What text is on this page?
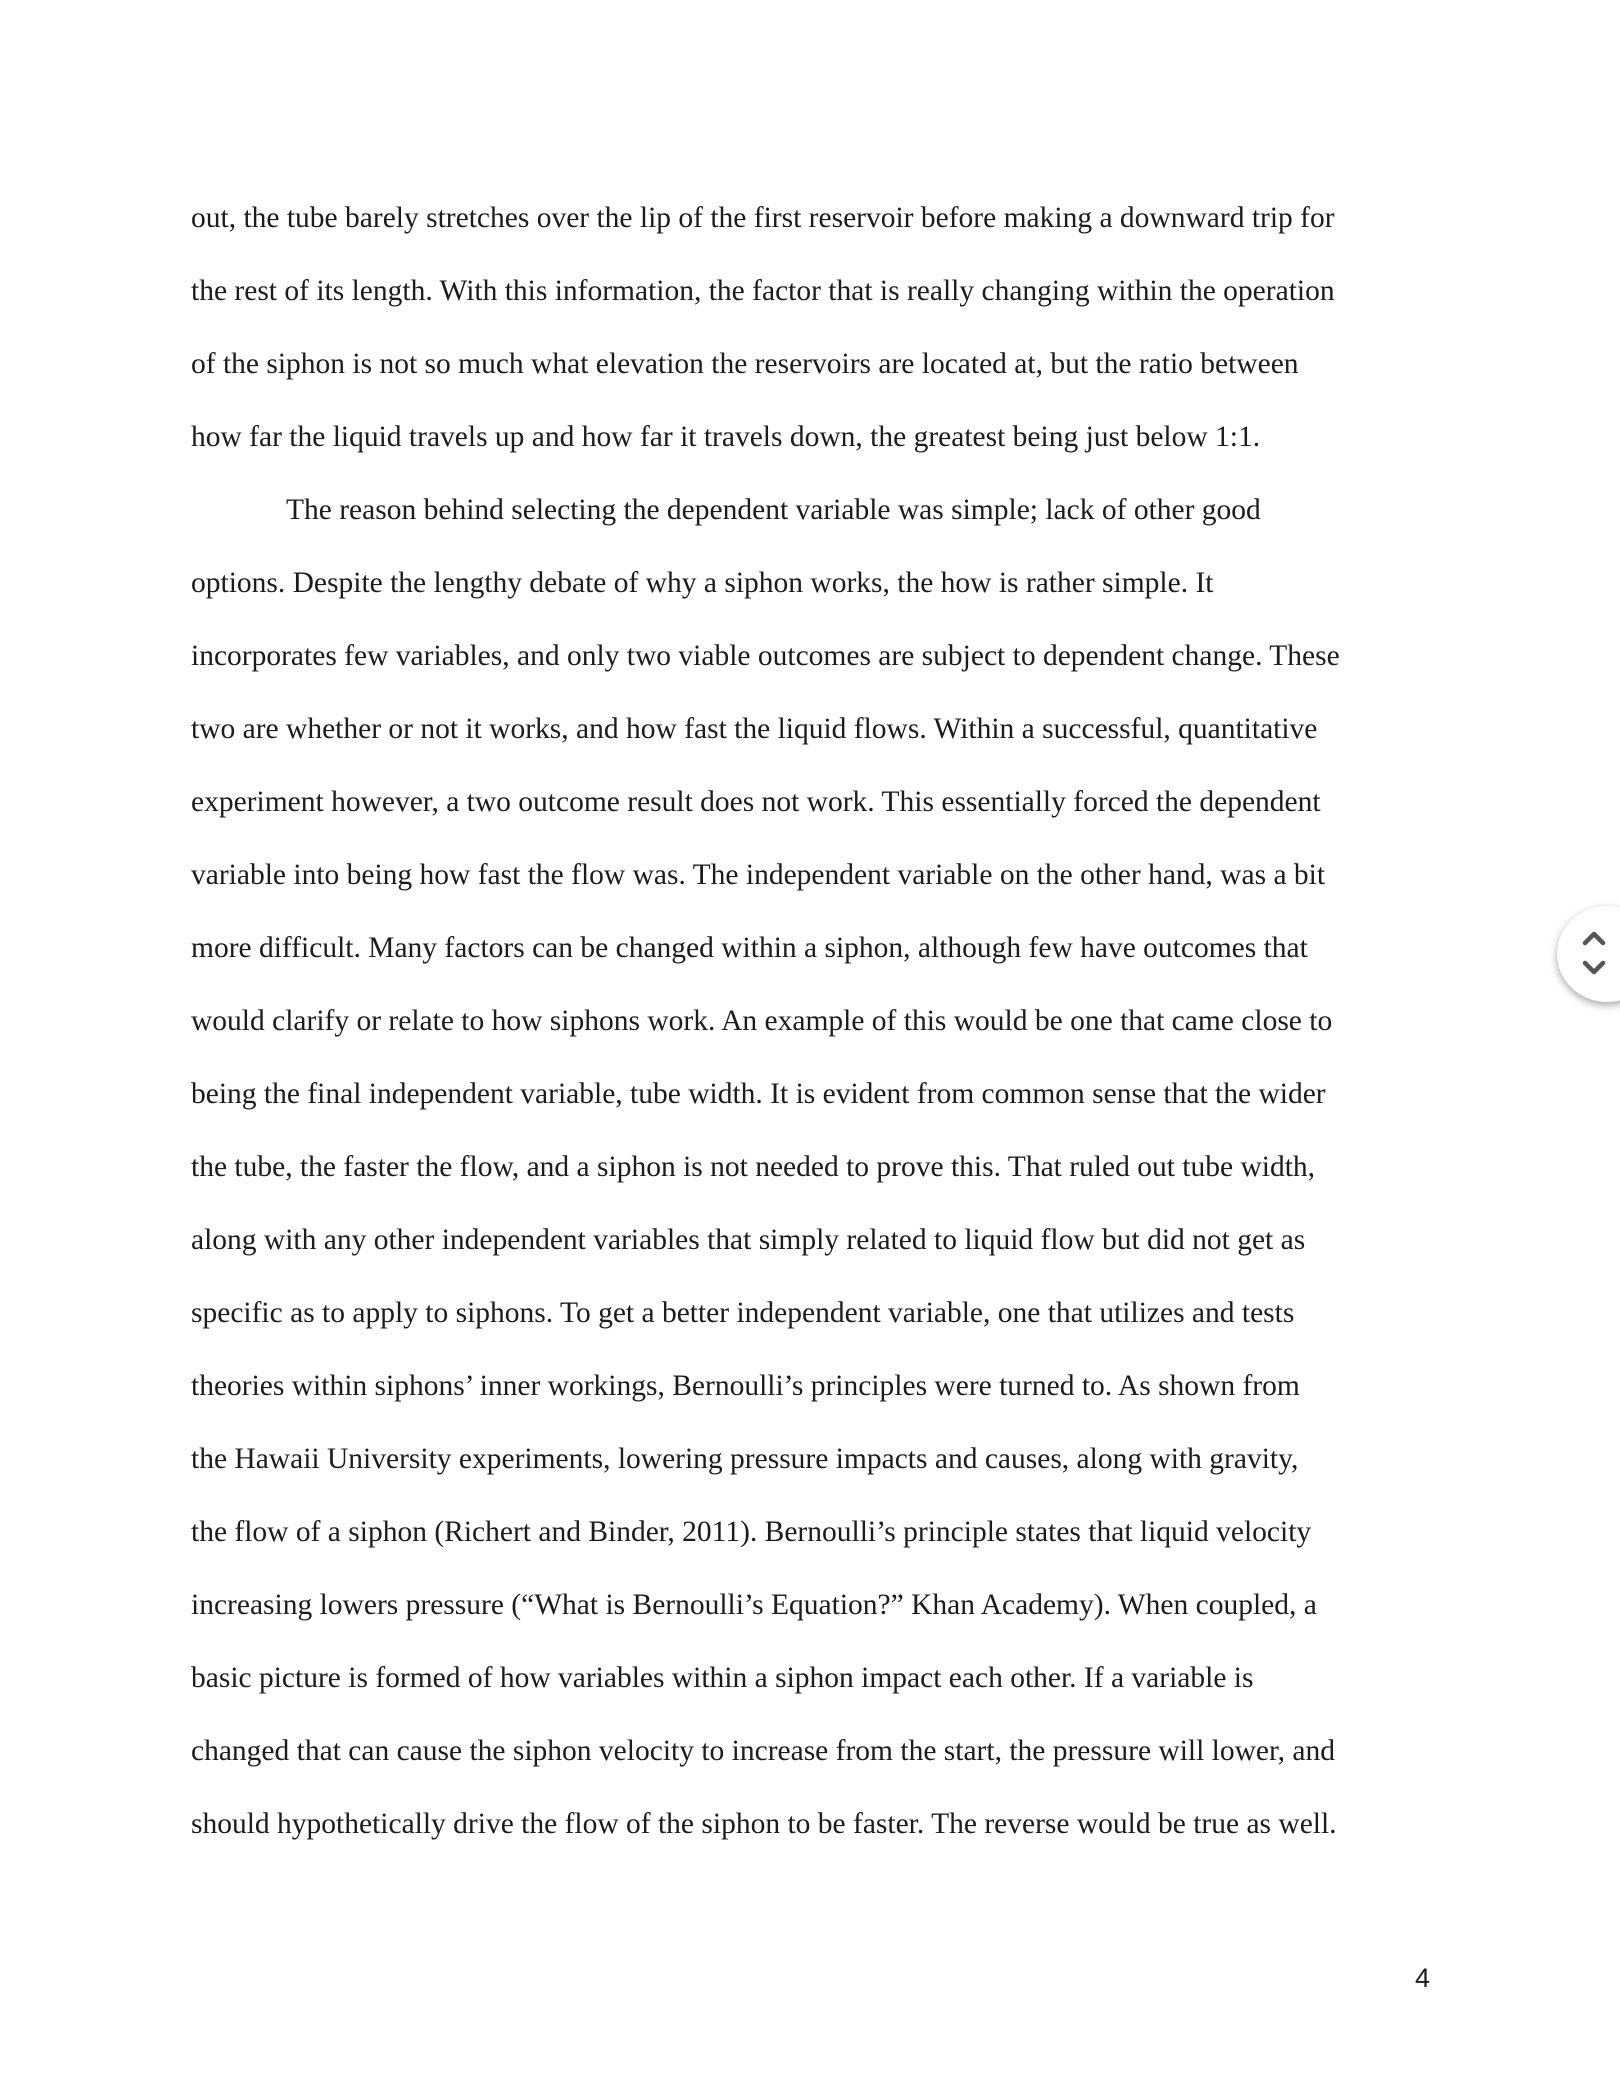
out, the tube barely stretches over the lip of the first reservoir before making a downward trip for
the rest of its length. With this information, the factor that is really changing within the operation
of the siphon is not so much what elevation the reservoirs are located at, but the ratio between
how far the liquid travels up and how far it travels down, the greatest being just below 1:1.
The reason behind selecting the dependent variable was simple; lack of other good
options. Despite the lengthy debate of why a siphon works, the how is rather simple. It
incorporates few variables, and only two viable outcomes are subject to dependent change. These
two are whether or not it works, and how fast the liquid flows. Within a successful, quantitative
experiment however, a two outcome result does not work. This essentially forced the dependent
variable into being how fast the flow was. The independent variable on the other hand, was a bit
more difficult. Many factors can be changed within a siphon, although few have outcomes that
would clarify or relate to how siphons work. An example of this would be one that came close to
being the final independent variable, tube width. It is evident from common sense that the wider
the tube, the faster the flow, and a siphon is not needed to prove this. That ruled out tube width,
along with any other independent variables that simply related to liquid flow but did not get as
specific as to apply to siphons. To get a better independent variable, one that utilizes and tests
theories within siphons’ inner workings, Bernoulli’s principles were turned to. As shown from
the Hawaii University experiments, lowering pressure impacts and causes, along with gravity,
the flow of a siphon (Richert and Binder, 2011). Bernoulli’s principle states that liquid velocity
increasing lowers pressure (“What is Bernoulli’s Equation?” Khan Academy). When coupled, a
basic picture is formed of how variables within a siphon impact each other. If a variable is
changed that can cause the siphon velocity to increase from the start, the pressure will lower, and
should hypothetically drive the flow of the siphon to be faster. The reverse would be true as well.
4
